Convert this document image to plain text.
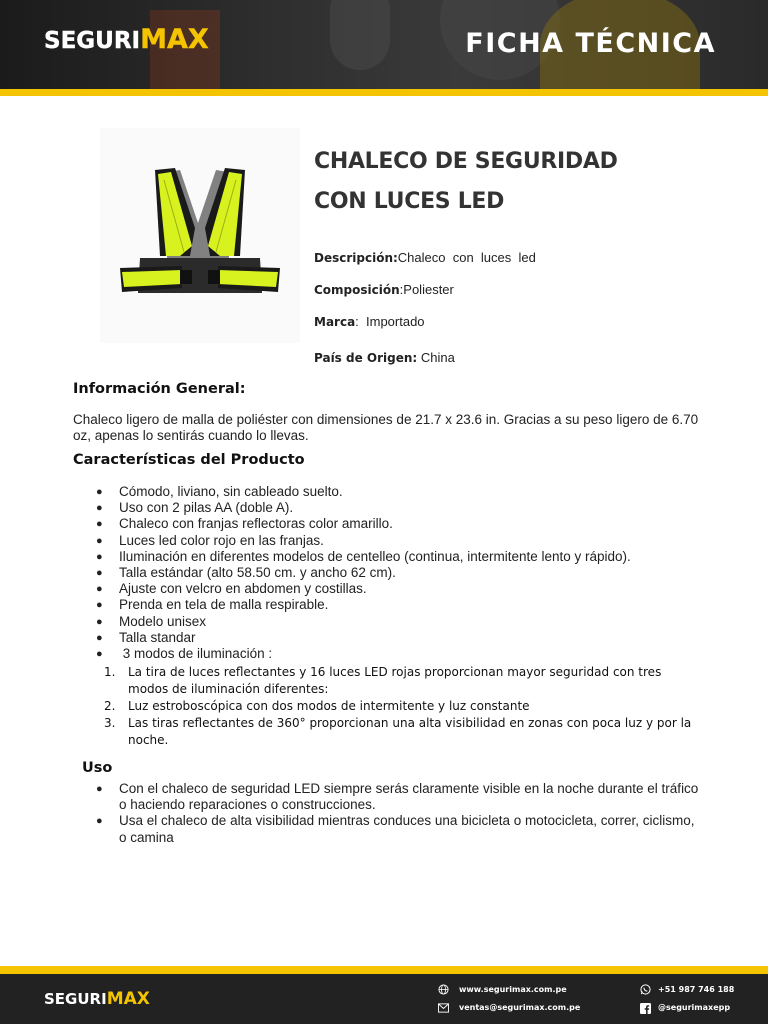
SEGURIMAX	FICHA TÉCNICA
CHALECO DE SEGURIDAD
CON LUCES LED
Descripción:Chaleco  con  luces  led
Composición:Poliester
Marca:  Importado
País de Origen: China
Información General:
Chaleco ligero de malla de poliéster con dimensiones de 21.7 x 23.6 in. Gracias a su peso ligero de 6.70 oz, apenas lo sentirás cuando lo llevas.
Características del Producto
● Cómodo, liviano, sin cableado suelto.
● Uso con 2 pilas AA (doble A).
● Chaleco con franjas reflectoras color amarillo.
● Luces led color rojo en las franjas.
● Iluminación en diferentes modelos de centelleo (continua, intermitente lento y rápido).
● Talla estándar (alto 58.50 cm. y ancho 62 cm).
● Ajuste con velcro en abdomen y costillas.
● Prenda en tela de malla respirable.
● Modelo unisex
● Talla standar
● 3 modos de iluminación :
1. La tira de luces reflectantes y 16 luces LED rojas proporcionan mayor seguridad con tres modos de iluminación diferentes:
2. Luz estroboscópica con dos modos de intermitente y luz constante
3. Las tiras reflectantes de 360° proporcionan una alta visibilidad en zonas con poca luz y por la noche.
Uso
● Con el chaleco de seguridad LED siempre serás claramente visible en la noche durante el tráfico o haciendo reparaciones o construcciones.
● Usa el chaleco de alta visibilidad mientras conduces una bicicleta o motocicleta, correr, ciclismo, o camina
SEGURIMAX	www.segurimax.com.pe
ventas@segurimax.com.pe
+51 987 746 188
@segurimaxepp
